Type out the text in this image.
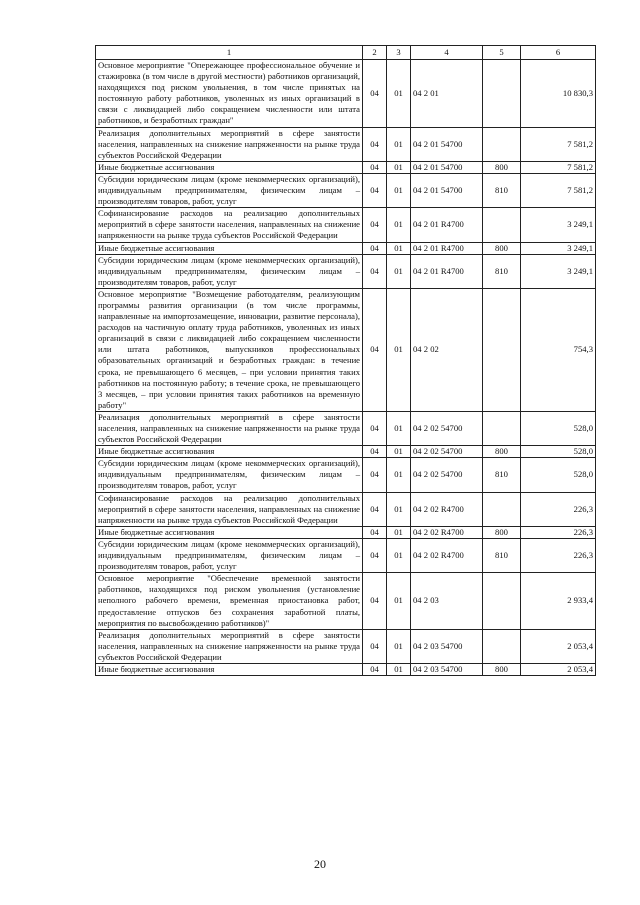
1	2	3	4	5	6
Основное мероприятие "Опережающее профессиональное обучение и стажировка (в том числе в другой местности) работников организаций, находящихся под риском увольнения, в том числе принятых на постоянную работу работников, уволенных из иных организаций в связи с ликвидацией либо сокращением численности или штата работников, и безработных граждан"	04	01	04 2 01		10 830,3
Реализация дополнительных мероприятий в сфере занятости населения, направленных на снижение напряженности на рынке труда субъектов Российской Федерации	04	01	04 2 01 54700		7 581,2
Иные бюджетные ассигнования	04	01	04 2 01 54700	800	7 581,2
Субсидии юридическим лицам (кроме некоммерческих организаций), индивидуальным предпринимателям, физическим лицам – производителям товаров, работ, услуг	04	01	04 2 01 54700	810	7 581,2
Софинансирование расходов на реализацию дополнительных мероприятий в сфере занятости населения, направленных на снижение напряженности на рынке труда субъектов Российской Федерации	04	01	04 2 01 R4700		3 249,1
Иные бюджетные ассигнования	04	01	04 2 01 R4700	800	3 249,1
Субсидии юридическим лицам (кроме некоммерческих организаций), индивидуальным предпринимателям, физическим лицам – производителям товаров, работ, услуг	04	01	04 2 01 R4700	810	3 249,1
Основное мероприятие "Возмещение работодателям, реализующим программы развития организации (в том числе программы, направленные на импортозамещение, инновации, развитие персонала), расходов на частичную оплату труда работников, уволенных из иных организаций в связи с ликвидацией либо сокращением численности или штата работников, выпускников профессиональных образовательных организаций и безработных граждан: в течение срока, не превышающего 6 месяцев, – при условии принятия таких работников на постоянную работу; в течение срока, не превышающего 3 месяцев, – при условии принятия таких работников на временную работу"	04	01	04 2 02		754,3
Реализация дополнительных мероприятий в сфере занятости населения, направленных на снижение напряженности на рынке труда субъектов Российской Федерации	04	01	04 2 02 54700		528,0
Иные бюджетные ассигнования	04	01	04 2 02 54700	800	528,0
Субсидии юридическим лицам (кроме некоммерческих организаций), индивидуальным предпринимателям, физическим лицам – производителям товаров, работ, услуг	04	01	04 2 02 54700	810	528,0
Софинансирование расходов на реализацию дополнительных мероприятий в сфере занятости населения, направленных на снижение напряженности на рынке труда субъектов Российской Федерации	04	01	04 2 02 R4700		226,3
Иные бюджетные ассигнования	04	01	04 2 02 R4700	800	226,3
Субсидии юридическим лицам (кроме некоммерческих организаций), индивидуальным предпринимателям, физическим лицам – производителям товаров, работ, услуг	04	01	04 2 02 R4700	810	226,3
Основное мероприятие "Обеспечение временной занятости работников, находящихся под риском увольнения (установление неполного рабочего времени, временная приостановка работ, предоставление отпусков без сохранения заработной платы, мероприятия по высвобождению работников)"	04	01	04 2 03		2 933,4
Реализация дополнительных мероприятий в сфере занятости населения, направленных на снижение напряженности на рынке труда субъектов Российской Федерации	04	01	04 2 03 54700		2 053,4
Иные бюджетные ассигнования	04	01	04 2 03 54700	800	2 053,4
20
